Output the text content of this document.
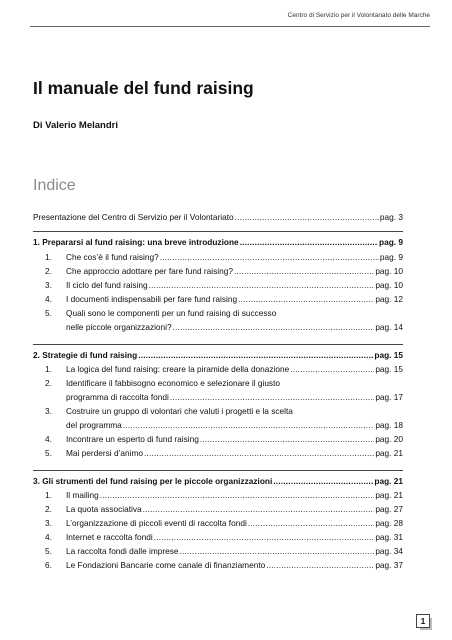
Centro di Servizio per il Volontariato delle Marche
Il manuale del fund raising
Di Valerio Melandri
Indice
Presentazione del Centro di Servizio per il Volontariato .....	pag. 3
1. Prepararsi al fund raising: una breve introduzione .....	pag. 9
1. Che cos’è il fund raising? .....	pag. 9
2. Che approccio adottare per fare fund raising? .....	pag. 10
3. Il ciclo del fund raising .....	pag. 10
4. I documenti indispensabili per fare fund raising .....	pag. 12
5. Quali sono le componenti per un fund raising di successo
nelle piccole organizzazioni? .....	pag. 14
2. Strategie di fund raising .....	pag. 15
1. La logica del fund raising: creare la piramide della donazione .....	pag. 15
2. Identificare il fabbisogno economico e selezionare il giusto
programma di raccolta fondi .....	pag. 17
3. Costruire un gruppo di volontari che valuti i progetti e la scelta
del programma .....	pag. 18
4. Incontrare un esperto di fund raising .....	pag. 20
5. Mai perdersi d’animo .....	pag. 21
3. Gli strumenti del fund raising per le piccole organizzazioni .....	pag. 21
1. Il mailing .....	pag. 21
2. La quota associativa .....	pag. 27
3. L’organizzazione di piccoli eventi di raccolta fondi .....	pag. 28
4. Internet e raccolta fondi .....	pag. 31
5. La raccolta fondi dalle imprese .....	pag. 34
6. Le Fondazioni Bancarie come canale di finanziamento .....	pag. 37
1
